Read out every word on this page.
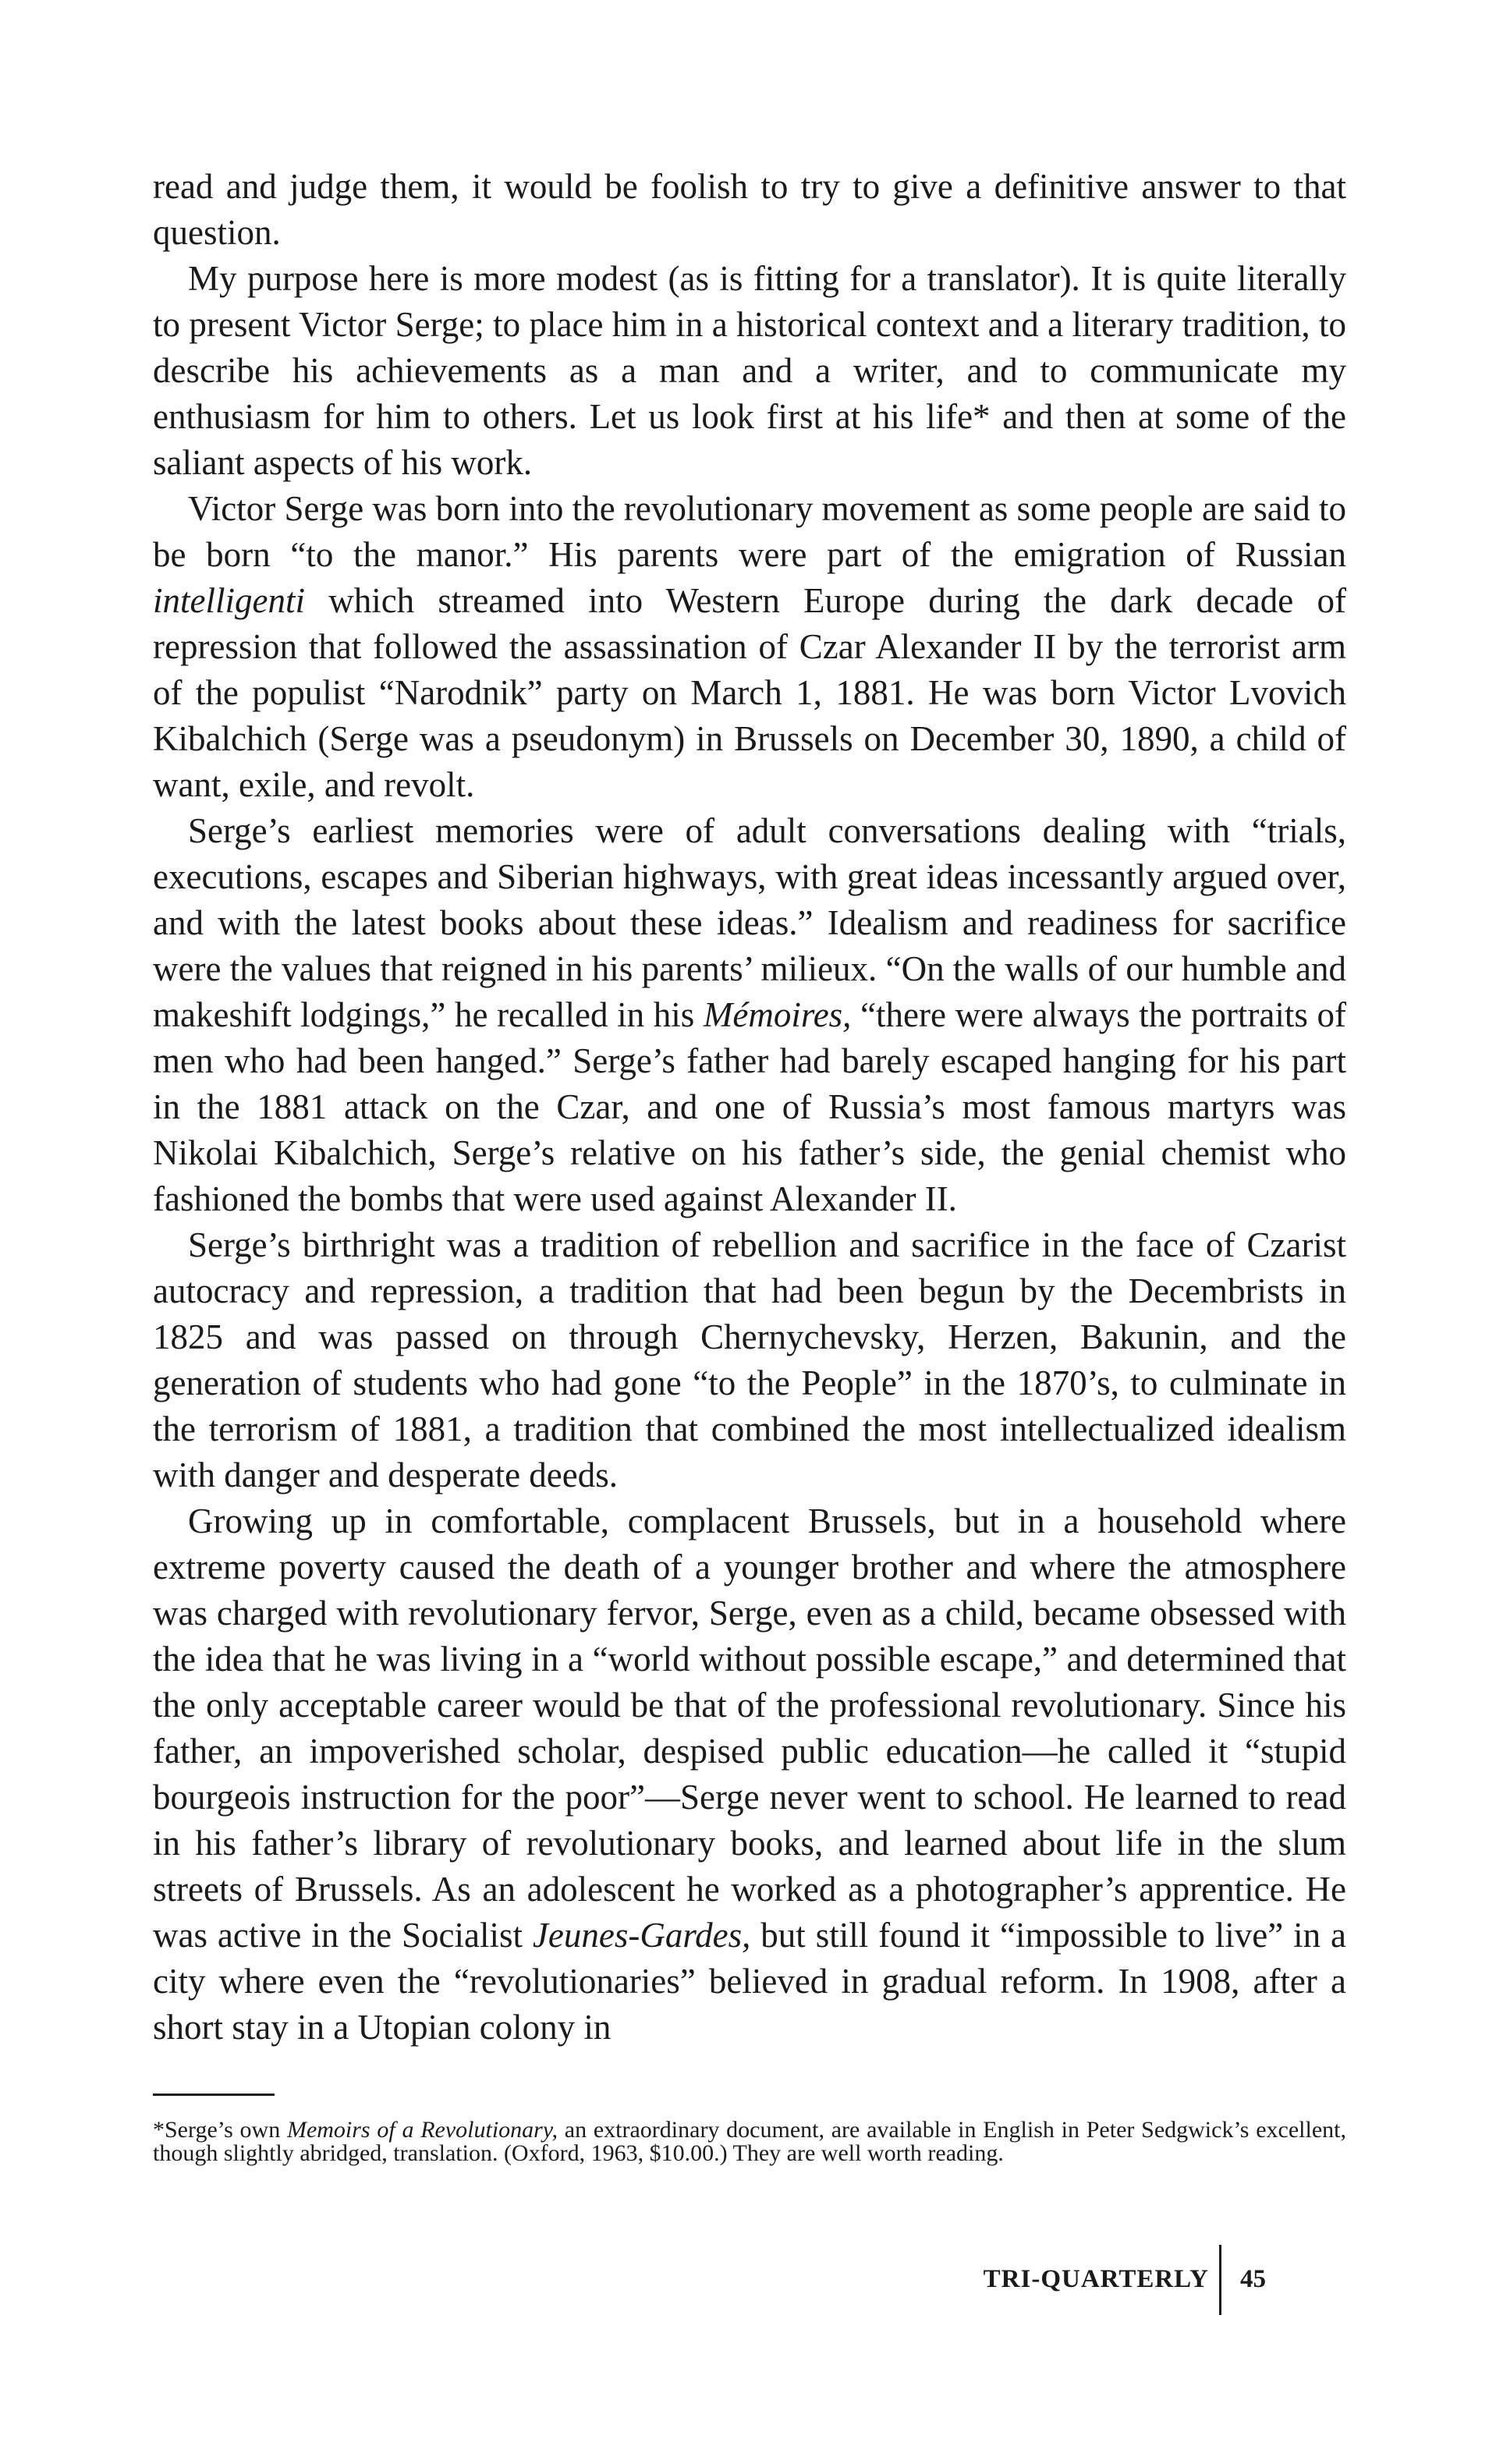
read and judge them, it would be foolish to try to give a definitive answer to that question.

My purpose here is more modest (as is fitting for a translator). It is quite literally to present Victor Serge; to place him in a historical context and a literary tradition, to describe his achievements as a man and a writer, and to communicate my enthusiasm for him to others. Let us look first at his life* and then at some of the saliant aspects of his work.

Victor Serge was born into the revolutionary movement as some people are said to be born “to the manor.” His parents were part of the emigration of Russian intelligenti which streamed into Western Europe during the dark decade of repression that followed the assassination of Czar Alexander II by the terrorist arm of the populist “Narodnik” party on March 1, 1881. He was born Victor Lvovich Kibalchich (Serge was a pseudonym) in Brussels on December 30, 1890, a child of want, exile, and revolt.

Serge’s earliest memories were of adult conversations dealing with “trials, executions, escapes and Siberian highways, with great ideas incessantly argued over, and with the latest books about these ideas.” Idealism and readiness for sacrifice were the values that reigned in his parents’ milieux. “On the walls of our humble and makeshift lodgings,” he recalled in his Mémoires, “there were always the portraits of men who had been hanged.” Serge’s father had barely escaped hanging for his part in the 1881 attack on the Czar, and one of Russia’s most famous martyrs was Nikolai Kibalchich, Serge’s relative on his father’s side, the genial chemist who fashioned the bombs that were used against Alexander II.

Serge’s birthright was a tradition of rebellion and sacrifice in the face of Czarist autocracy and repression, a tradition that had been begun by the Decembrists in 1825 and was passed on through Chernychevsky, Herzen, Bakunin, and the generation of students who had gone “to the People” in the 1870’s, to culminate in the terrorism of 1881, a tradition that combined the most intellectualized idealism with danger and desperate deeds.

Growing up in comfortable, complacent Brussels, but in a household where extreme poverty caused the death of a younger brother and where the atmosphere was charged with revolutionary fervor, Serge, even as a child, became obsessed with the idea that he was living in a “world without possible escape,” and determined that the only acceptable career would be that of the professional revolutionary. Since his father, an impoverished scholar, despised public education—he called it “stupid bourgeois instruction for the poor”—Serge never went to school. He learned to read in his father’s library of revolutionary books, and learned about life in the slum streets of Brussels. As an adolescent he worked as a photographer’s apprentice. He was active in the Socialist Jeunes-Gardes, but still found it “impossible to live” in a city where even the “revolutionaries” believed in gradual reform. In 1908, after a short stay in a Utopian colony in

*Serge’s own Memoirs of a Revolutionary, an extraordinary document, are available in English in Peter Sedgwick’s excellent, though slightly abridged, translation. (Oxford, 1963, $10.00.) They are well worth reading.

TRI-QUARTERLY 45
